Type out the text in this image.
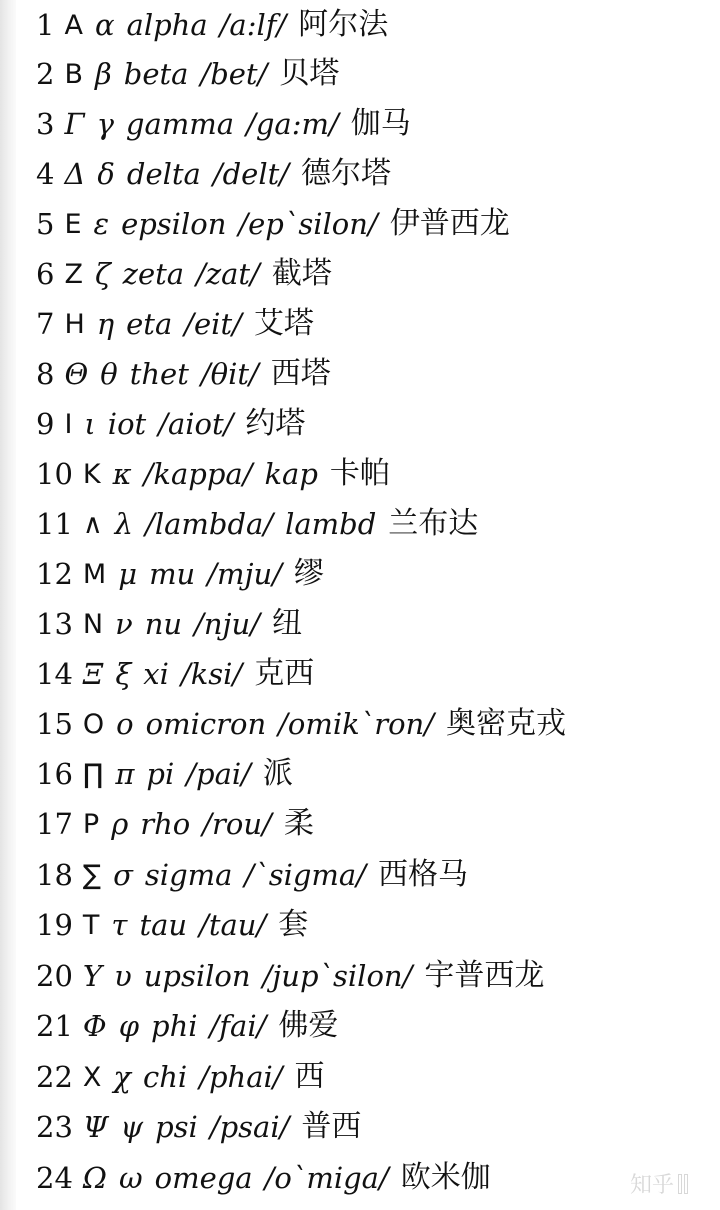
1 A α alpha /a:lf/ 阿尔法
2 B β beta /bet/ 贝塔
3 Γ γ gamma /ga:m/ 伽马
4 Δ δ delta /delt/ 德尔塔
5 E ε epsilon /ep`silon/ 伊普西龙
6 Z ζ zeta /zat/ 截塔
7 H η eta /eit/ 艾塔
8 Θ θ thet /θit/ 西塔
9 I ι iot /aiot/ 约塔
10 K κ /kappa/ kap 卡帕
11 ∧ λ /lambda/ lambd 兰布达
12 M μ mu /mju/ 缪
13 N ν nu /nju/ 纽
14 Ξ ξ xi /ksi/ 克西
15 O o omicron /omik`ron/ 奥密克戎
16 ∏ π pi /pai/ 派
17 P ρ rho /rou/ 柔
18 ∑ σ sigma /`sigma/ 西格马
19 T τ tau /tau/ 套
20 Υ υ upsilon /jup`silon/ 宇普西龙
21 Φ φ phi /fai/ 佛爱
22 X χ chi /phai/ 西
23 Ψ ψ psi /psai/ 普西
24 Ω ω omega /o`miga/ 欧米伽	知乎
